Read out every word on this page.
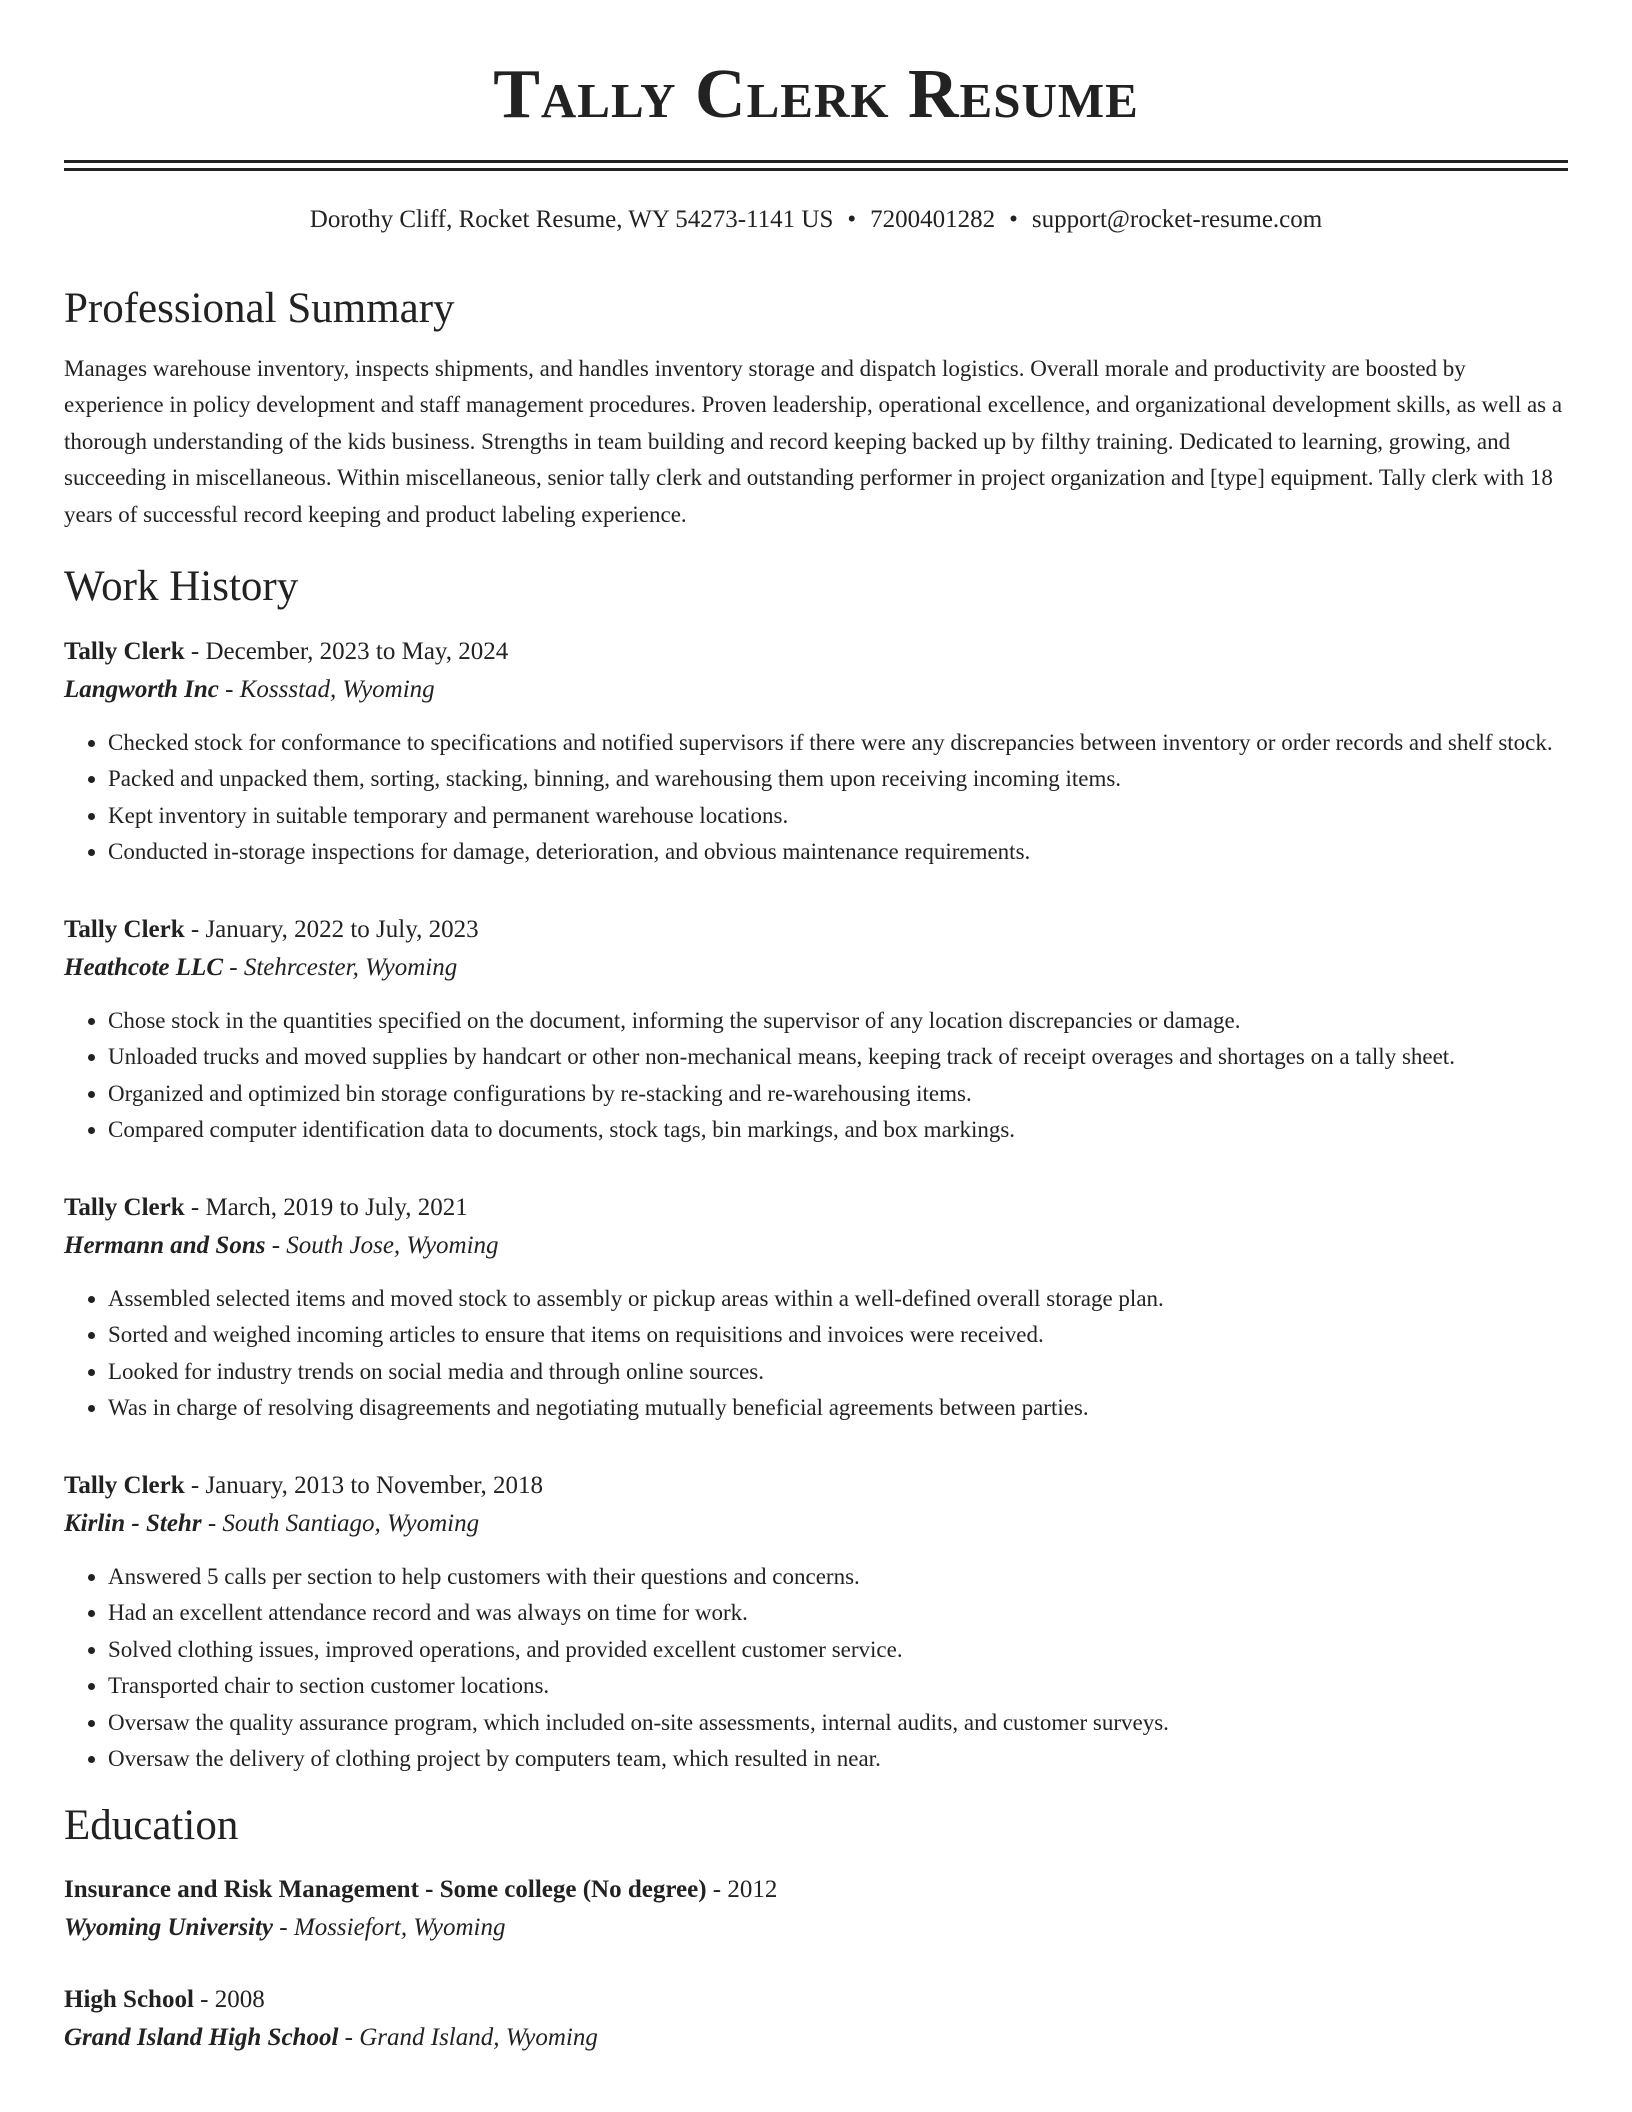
Tally Clerk Resume
Dorothy Cliff, Rocket Resume, WY 54273-1141 US • 7200401282 • support@rocket-resume.com
Professional Summary
Manages warehouse inventory, inspects shipments, and handles inventory storage and dispatch logistics. Overall morale and productivity are boosted by experience in policy development and staff management procedures. Proven leadership, operational excellence, and organizational development skills, as well as a thorough understanding of the kids business. Strengths in team building and record keeping backed up by filthy training. Dedicated to learning, growing, and succeeding in miscellaneous. Within miscellaneous, senior tally clerk and outstanding performer in project organization and [type] equipment. Tally clerk with 18 years of successful record keeping and product labeling experience.
Work History
Tally Clerk - December, 2023 to May, 2024
Langworth Inc - Kossstad, Wyoming
• Checked stock for conformance to specifications and notified supervisors if there were any discrepancies between inventory or order records and shelf stock.
• Packed and unpacked them, sorting, stacking, binning, and warehousing them upon receiving incoming items.
• Kept inventory in suitable temporary and permanent warehouse locations.
• Conducted in-storage inspections for damage, deterioration, and obvious maintenance requirements.
Tally Clerk - January, 2022 to July, 2023
Heathcote LLC - Stehrcester, Wyoming
• Chose stock in the quantities specified on the document, informing the supervisor of any location discrepancies or damage.
• Unloaded trucks and moved supplies by handcart or other non-mechanical means, keeping track of receipt overages and shortages on a tally sheet.
• Organized and optimized bin storage configurations by re-stacking and re-warehousing items.
• Compared computer identification data to documents, stock tags, bin markings, and box markings.
Tally Clerk - March, 2019 to July, 2021
Hermann and Sons - South Jose, Wyoming
• Assembled selected items and moved stock to assembly or pickup areas within a well-defined overall storage plan.
• Sorted and weighed incoming articles to ensure that items on requisitions and invoices were received.
• Looked for industry trends on social media and through online sources.
• Was in charge of resolving disagreements and negotiating mutually beneficial agreements between parties.
Tally Clerk - January, 2013 to November, 2018
Kirlin - Stehr - South Santiago, Wyoming
• Answered 5 calls per section to help customers with their questions and concerns.
• Had an excellent attendance record and was always on time for work.
• Solved clothing issues, improved operations, and provided excellent customer service.
• Transported chair to section customer locations.
• Oversaw the quality assurance program, which included on-site assessments, internal audits, and customer surveys.
• Oversaw the delivery of clothing project by computers team, which resulted in near.
Education
Insurance and Risk Management - Some college (No degree) - 2012
Wyoming University - Mossiefort, Wyoming
High School - 2008
Grand Island High School - Grand Island, Wyoming
